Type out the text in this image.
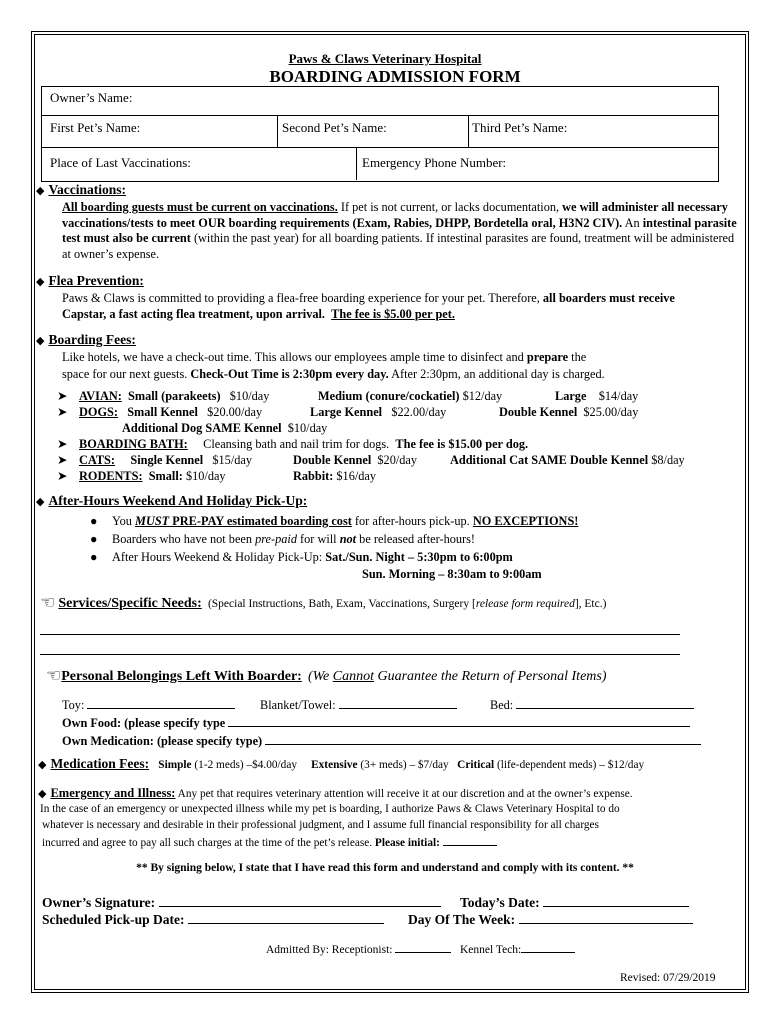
Paws & Claws Veterinary Hospital
BOARDING ADMISSION FORM
Owner’s Name:
First Pet’s Name:	Second Pet’s Name:	Third Pet’s Name:
Place of Last Vaccinations:	Emergency Phone Number:
◆ Vaccinations:
All boarding guests must be current on vaccinations. If pet is not current, or lacks documentation, we will administer all necessary vaccinations/tests to meet OUR boarding requirements (Exam, Rabies, DHPP, Bordetella oral, H3N2 CIV). An intestinal parasite test must also be current (within the past year) for all boarding patients. If intestinal parasites are found, treatment will be administered at owner’s expense.
◆ Flea Prevention:
Paws & Claws is committed to providing a flea-free boarding experience for your pet. Therefore, all boarders must receive Capstar, a fast acting flea treatment, upon arrival. The fee is $5.00 per pet.
◆ Boarding Fees:
Like hotels, we have a check-out time. This allows our employees ample time to disinfect and prepare the
space for our next guests. Check-Out Time is 2:30pm every day. After 2:30pm, an additional day is charged.
➤ AVIAN: Small (parakeets) $10/day	Medium (conure/cockatiel) $12/day	Large $14/day
➤ DOGS: Small Kennel $20.00/day	Large Kennel $22.00/day	Double Kennel $25.00/day
Additional Dog SAME Kennel $10/day
➤ BOARDING BATH: Cleansing bath and nail trim for dogs. The fee is $15.00 per dog.
➤ CATS: Single Kennel $15/day	Double Kennel $20/day	Additional Cat SAME Double Kennel $8/day
➤ RODENTS: Small: $10/day	Rabbit: $16/day
◆ After-Hours Weekend And Holiday Pick-Up:
● You MUST PRE-PAY estimated boarding cost for after-hours pick-up. NO EXCEPTIONS!
● Boarders who have not been pre-paid for will not be released after-hours!
● After Hours Weekend & Holiday Pick-Up: Sat./Sun. Night – 5:30pm to 6:00pm
Sun. Morning – 8:30am to 9:00am
☜ Services/Specific Needs: (Special Instructions, Bath, Exam, Vaccinations, Surgery [release form required], Etc.)
☜Personal Belongings Left With Boarder: (We Cannot Guarantee the Return of Personal Items)
Toy:	Blanket/Towel:	Bed:
Own Food: (please specify type
Own Medication: (please specify type)
◆ Medication Fees: Simple (1-2 meds) –$4.00/day Extensive (3+ meds) – $7/day Critical (life-dependent meds) – $12/day
◆ Emergency and Illness: Any pet that requires veterinary attention will receive it at our discretion and at the owner’s expense.
In the case of an emergency or unexpected illness while my pet is boarding, I authorize Paws & Claws Veterinary Hospital to do
whatever is necessary and desirable in their professional judgment, and I assume full financial responsibility for all charges
incurred and agree to pay all such charges at the time of the pet’s release. Please initial:
** By signing below, I state that I have read this form and understand and comply with its content. **
Owner’s Signature:	Today’s Date:
Scheduled Pick-up Date:	Day Of The Week:
Admitted By: Receptionist:	Kennel Tech:
Revised: 07/29/2019
